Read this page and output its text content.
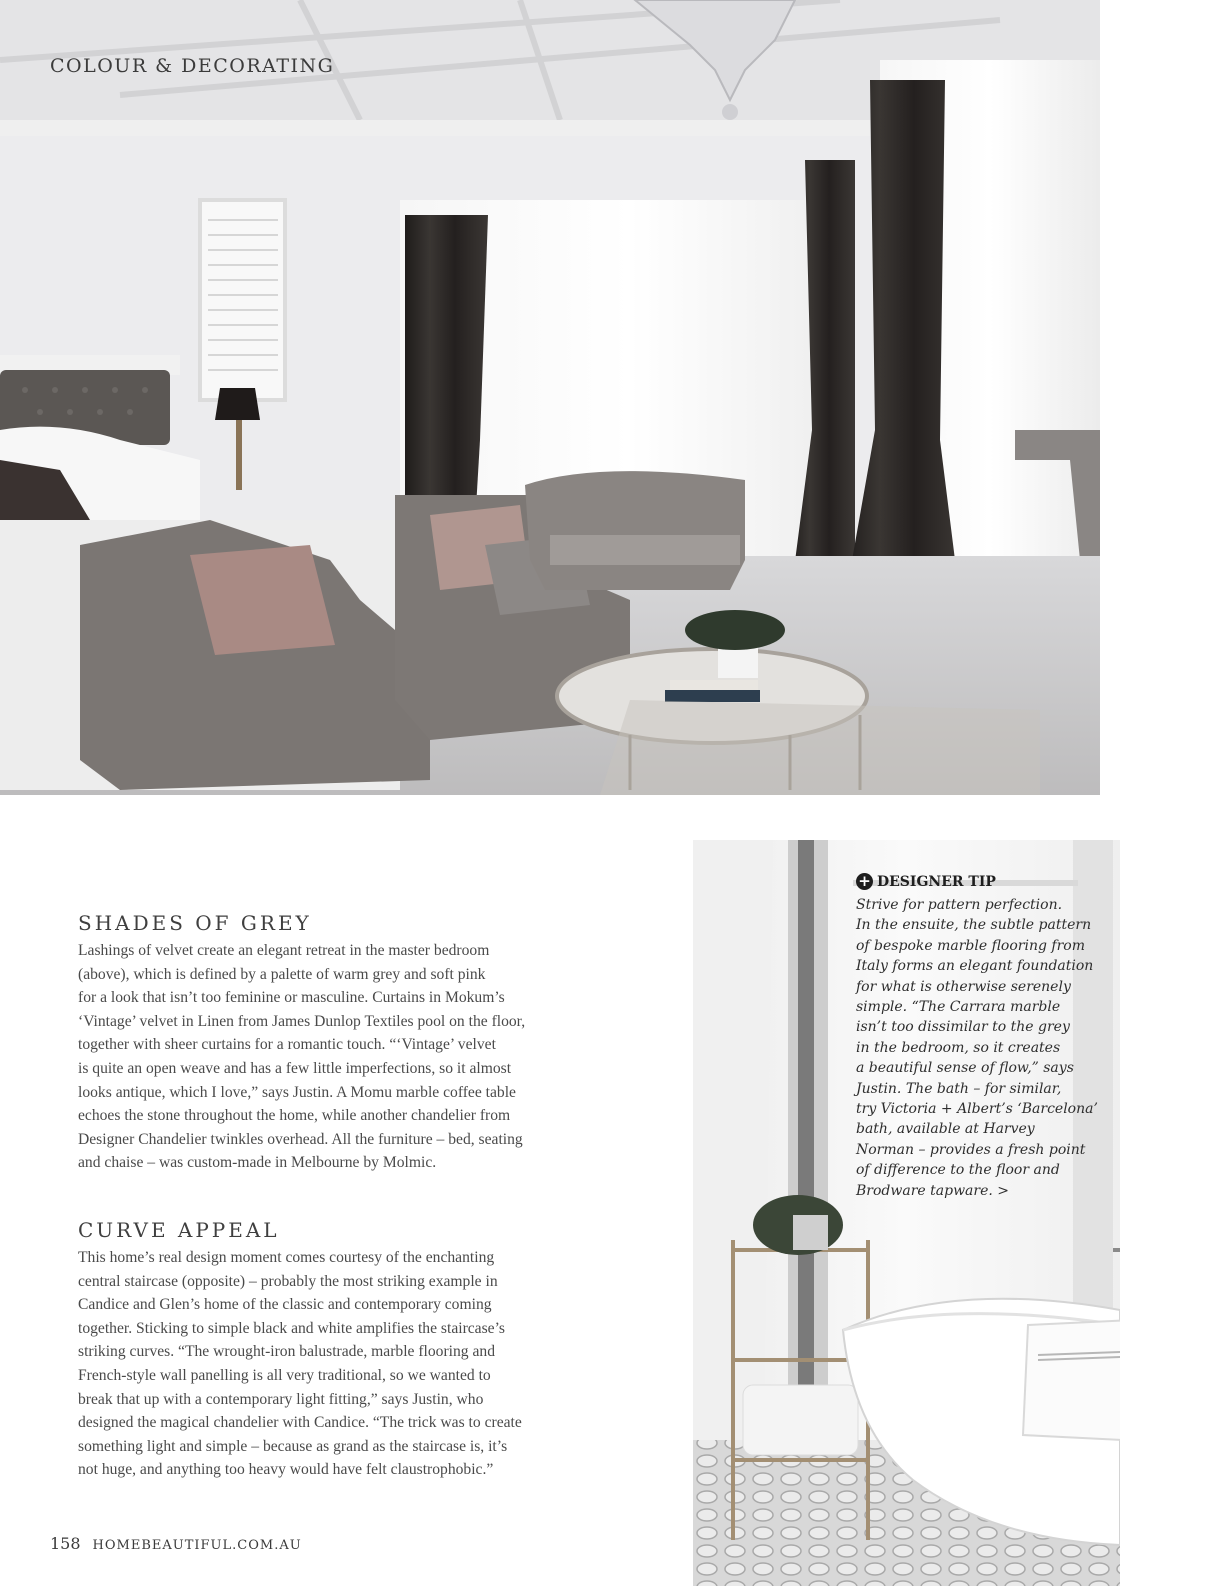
COLOUR & DECORATING
SHADES OF GREY
Lashings of velvet create an elegant retreat in the master bedroom
(above), which is defined by a palette of warm grey and soft pink
for a look that isn’t too feminine or masculine. Curtains in Mokum’s
‘Vintage’ velvet in Linen from James Dunlop Textiles pool on the floor,
together with sheer curtains for a romantic touch. “‘Vintage’ velvet
is quite an open weave and has a few little imperfections, so it almost
looks antique, which I love,” says Justin. A Momu marble coffee table
echoes the stone throughout the home, while another chandelier from
Designer Chandelier twinkles overhead. All the furniture – bed, seating
and chaise – was custom-made in Melbourne by Molmic.
CURVE APPEAL
This home’s real design moment comes courtesy of the enchanting
central staircase (opposite) – probably the most striking example in
Candice and Glen’s home of the classic and contemporary coming
together. Sticking to simple black and white amplifies the staircase’s
striking curves. “The wrought-iron balustrade, marble flooring and
French-style wall panelling is all very traditional, so we wanted to
break that up with a contemporary light fitting,” says Justin, who
designed the magical chandelier with Candice. “The trick was to create
something light and simple – because as grand as the staircase is, it’s
not huge, and anything too heavy would have felt claustrophobic.”
+ DESIGNER TIP
Strive for pattern perfection.
In the ensuite, the subtle pattern
of bespoke marble flooring from
Italy forms an elegant foundation
for what is otherwise serenely
simple. “The Carrara marble
isn’t too dissimilar to the grey
in the bedroom, so it creates
a beautiful sense of flow,” says
Justin. The bath – for similar,
try Victoria + Albert’s ‘Barcelona’
bath, available at Harvey
Norman – provides a fresh point
of difference to the floor and
Brodware tapware. >
158 HOMEBEAUTIFUL.COM.AU
